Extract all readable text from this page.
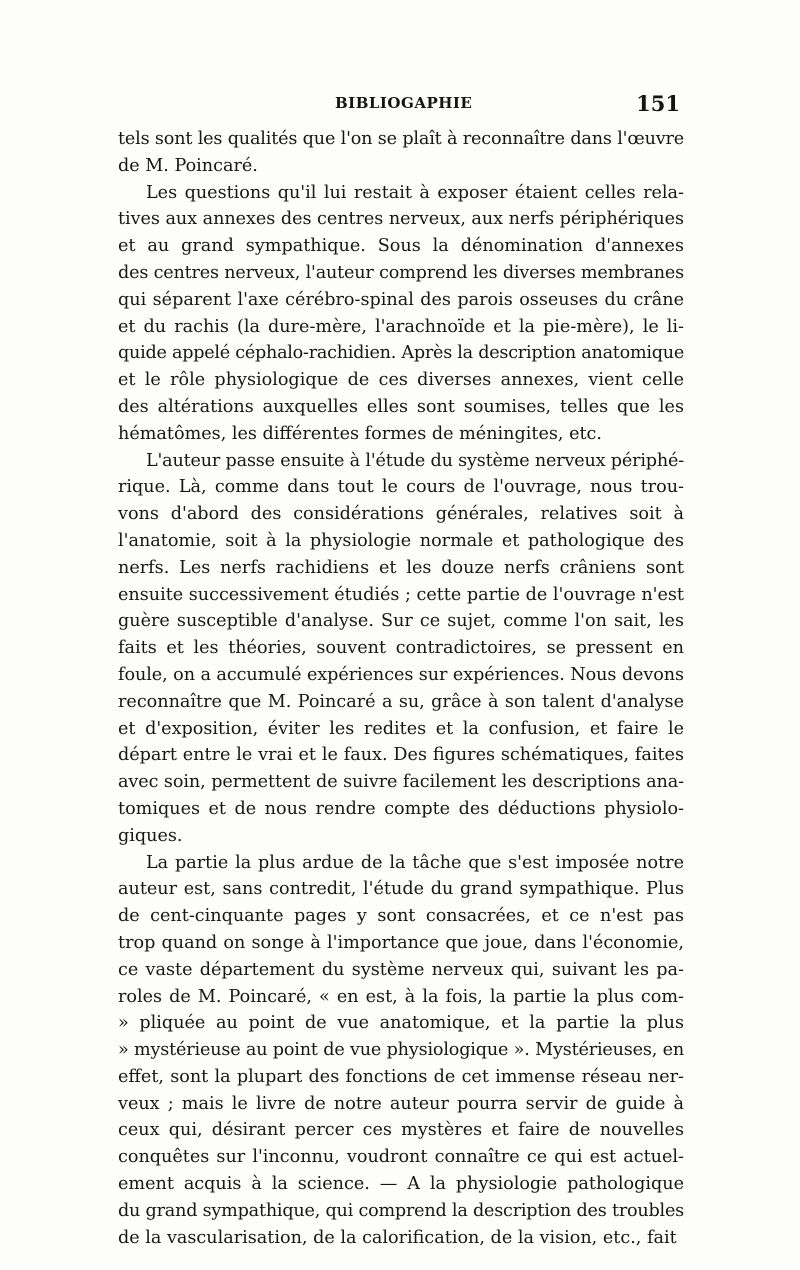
BIBLIOGAPHIE	151
tels sont les qualités que l'on se plaît à reconnaître dans l'œuvre
de M. Poincaré.
Les questions qu'il lui restait à exposer étaient celles rela-
tives aux annexes des centres nerveux, aux nerfs périphériques
et au grand sympathique. Sous la dénomination d'annexes
des centres nerveux, l'auteur comprend les diverses membranes
qui séparent l'axe cérébro-spinal des parois osseuses du crâne
et du rachis (la dure-mère, l'arachnoïde et la pie-mère), le li-
quide appelé céphalo-rachidien. Après la description anatomique
et le rôle physiologique de ces diverses annexes, vient celle
des altérations auxquelles elles sont soumises, telles que les
hématômes, les différentes formes de méningites, etc.
L'auteur passe ensuite à l'étude du système nerveux périphé-
rique. Là, comme dans tout le cours de l'ouvrage, nous trou-
vons d'abord des considérations générales, relatives soit à
l'anatomie, soit à la physiologie normale et pathologique des
nerfs. Les nerfs rachidiens et les douze nerfs crâniens sont
ensuite successivement étudiés ; cette partie de l'ouvrage n'est
guère susceptible d'analyse. Sur ce sujet, comme l'on sait, les
faits et les théories, souvent contradictoires, se pressent en
foule, on a accumulé expériences sur expériences. Nous devons
reconnaître que M. Poincaré a su, grâce à son talent d'analyse
et d'exposition, éviter les redites et la confusion, et faire le
départ entre le vrai et le faux. Des figures schématiques, faites
avec soin, permettent de suivre facilement les descriptions ana-
tomiques et de nous rendre compte des déductions physiolo-
giques.
La partie la plus ardue de la tâche que s'est imposée notre
auteur est, sans contredit, l'étude du grand sympathique. Plus
de cent-cinquante pages y sont consacrées, et ce n'est pas
trop quand on songe à l'importance que joue, dans l'économie,
ce vaste département du système nerveux qui, suivant les pa-
roles de M. Poincaré, « en est, à la fois, la partie la plus com-
» pliquée au point de vue anatomique, et la partie la plus
» mystérieuse au point de vue physiologique ». Mystérieuses, en
effet, sont la plupart des fonctions de cet immense réseau ner-
veux ; mais le livre de notre auteur pourra servir de guide à
ceux qui, désirant percer ces mystères et faire de nouvelles
conquêtes sur l'inconnu, voudront connaître ce qui est actuel-
ement acquis à la science. — A la physiologie pathologique
du grand sympathique, qui comprend la description des troubles
de la vascularisation, de la calorification, de la vision, etc., fait
